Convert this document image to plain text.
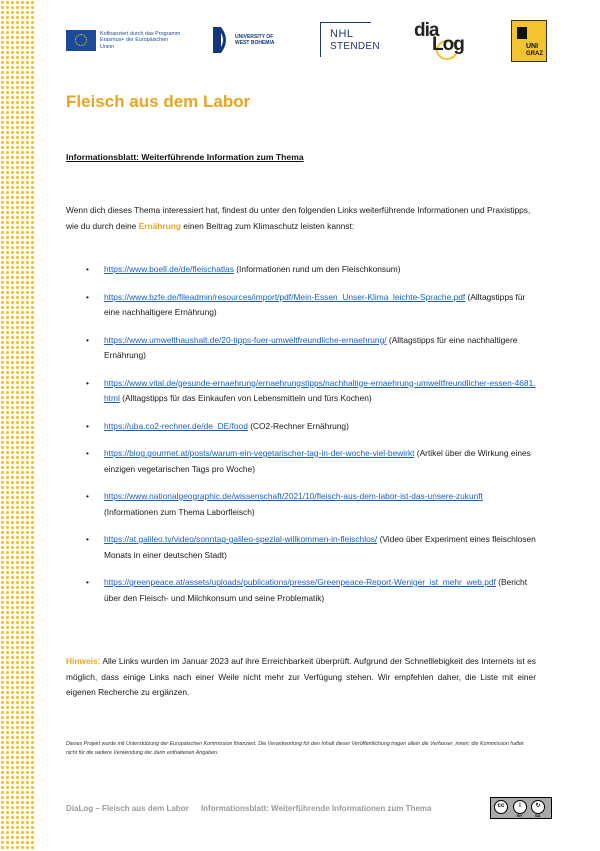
Kofinanziert durch das Programm Erasmus+ der Europäischen Union
UNIVERSITY OF WEST BOHEMIA
NHL
STENDEN
dia
Log	UNI
GRAZ
Fleisch aus dem Labor
Informationsblatt: Weiterführende Information zum Thema

Wenn dich dieses Thema interessiert hat, findest du unter den folgenden Links weiterführende Informationen und Praxistipps, wie du durch deine Ernährung einen Beitrag zum Klimaschutz leisten kannst:

• https://www.boell.de/de/fleischatlas (Informationen rund um den Fleischkonsum)
• https://www.bzfe.de/fileadmin/resources/import/pdf/Mein-Essen_Unser-Klima_leichte-Sprache.pdf (Alltagstipps für eine nachhaltigere Ernährung)
• https://www.umwelthaushalt.de/20-tipps-fuer-umweltfreundliche-ernaehrung/ (Alltagstipps für eine nachhaltigere Ernährung)
• https://www.vital.de/gesunde-ernaehrung/ernaehrungstipps/nachhaltige-ernaehrung-umweltfreundlicher-essen-4681.html (Alltagstipps für das Einkaufen von Lebensmitteln und fürs Kochen)
• https://uba.co2-rechner.de/de_DE/food (CO2-Rechner Ernährung)
• https://blog.gourmet.at/posts/warum-ein-vegetarischer-tag-in-der-woche-viel-bewirkt (Artikel über die Wirkung eines einzigen vegetarischen Tags pro Woche)
• https://www.nationalgeographic.de/wissenschaft/2021/10/fleisch-aus-dem-labor-ist-das-unsere-zukunft (Informationen zum Thema Laborfleisch)
• https://at.galileo.tv/video/sonntag-galileo-spezial-willkommen-in-fleischlos/ (Video über Experiment eines fleischlosen Monats in einer deutschen Stadt)
• https://greenpeace.at/assets/uploads/publications/presse/Greenpeace-Report-Weniger_ist_mehr_web.pdf (Bericht über den Fleisch- und Milchkonsum und seine Problematik)

Hinweis: Alle Links wurden im Januar 2023 auf ihre Erreichbarkeit überprüft. Aufgrund der Schnelllebigkeit des Internets ist es möglich, dass einige Links nach einer Weile nicht mehr zur Verfügung stehen. Wir empfehlen daher, die Liste mit einer eigenen Recherche zu ergänzen.

Dieses Projekt wurde mit Unterstützung der Europäischen Kommission finanziert. Die Verantwortung für den Inhalt dieser Veröffentlichung tragen allein die Verfasser_innen; die Kommission haftet nicht für die weitere Verwendung der darin enthaltenen Angaben.

DiaLog – Fleisch aus dem Labor Informationsblatt: Weiterführende Informationen zum Thema	cc	i	↻
BY	SA
